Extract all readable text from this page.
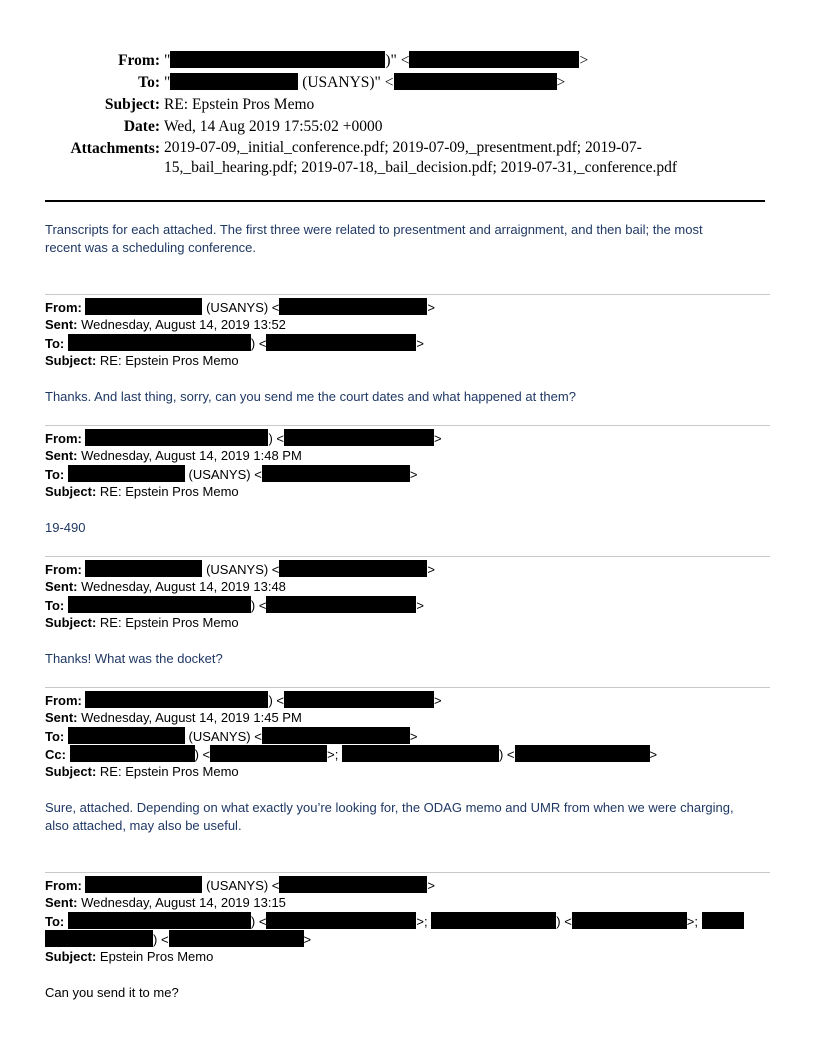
From: "	)" <	>
To: "	(USANYS)" <	>
Subject: RE: Epstein Pros Memo
Date: Wed, 14 Aug 2019 17:55:02 +0000
Attachments: 2019-07-09,_initial_conference.pdf; 2019-07-09,_presentment.pdf; 2019-07-
15,_bail_hearing.pdf; 2019-07-18,_bail_decision.pdf; 2019-07-31,_conference.pdf
Transcripts for each attached. The first three were related to presentment and arraignment, and then bail; the most
recent was a scheduling conference.
From:	(USANYS) <	>
Sent: Wednesday, August 14, 2019 13:52
To:	) <	>
Subject: RE: Epstein Pros Memo
Thanks. And last thing, sorry, can you send me the court dates and what happened at them?
From:	) <	>
Sent: Wednesday, August 14, 2019 1:48 PM
To:	(USANYS) <	>
Subject: RE: Epstein Pros Memo
19-490
From:	(USANYS) <	>
Sent: Wednesday, August 14, 2019 13:48
To:	) <	>
Subject: RE: Epstein Pros Memo
Thanks! What was the docket?
From:	) <	>
Sent: Wednesday, August 14, 2019 1:45 PM
To:	(USANYS) <	>
Cc:	) <	>;	) <	>
Subject: RE: Epstein Pros Memo
Sure, attached. Depending on what exactly you’re looking for, the ODAG memo and UMR from when we were charging,
also attached, may also be useful.
From:	(USANYS) <	>
Sent: Wednesday, August 14, 2019 13:15
To:	) <	>;	) <	>;
) <	>
Subject: Epstein Pros Memo
Can you send it to me?
